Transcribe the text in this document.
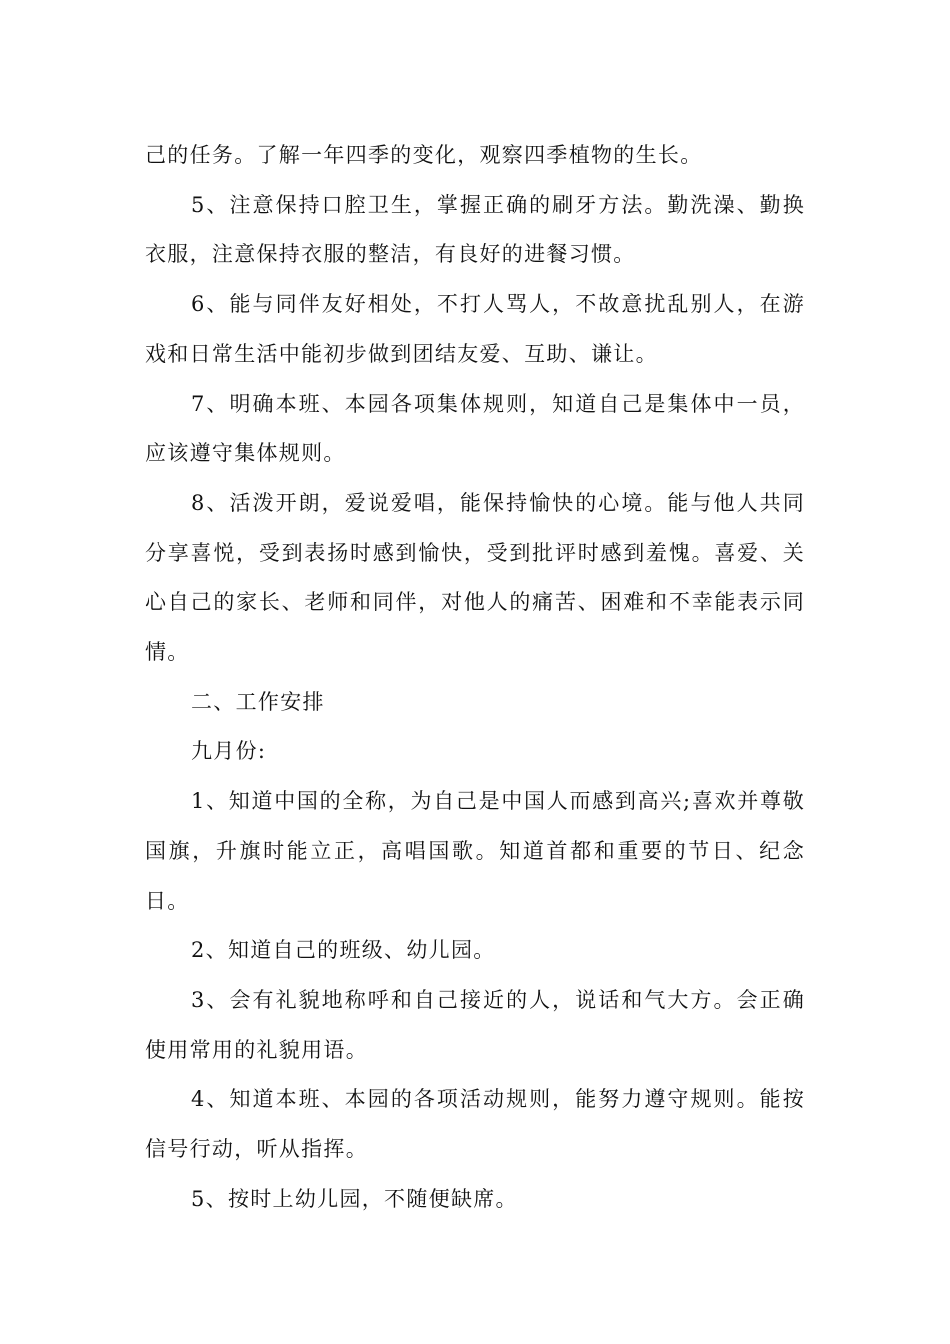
己的任务。了解一年四季的变化，观察四季植物的生长。

5、注意保持口腔卫生，掌握正确的刷牙方法。勤洗澡、勤换衣服，注意保持衣服的整洁，有良好的进餐习惯。

6、能与同伴友好相处，不打人骂人，不故意扰乱别人，在游戏和日常生活中能初步做到团结友爱、互助、谦让。

7、明确本班、本园各项集体规则，知道自己是集体中一员，应该遵守集体规则。

8、活泼开朗，爱说爱唱，能保持愉快的心境。能与他人共同分享喜悦，受到表扬时感到愉快，受到批评时感到羞愧。喜爱、关心自己的家长、老师和同伴，对他人的痛苦、困难和不幸能表示同情。

二、工作安排

九月份:

1、知道中国的全称，为自己是中国人而感到高兴;喜欢并尊敬国旗，升旗时能立正，高唱国歌。知道首都和重要的节日、纪念日。

2、知道自己的班级、幼儿园。

3、会有礼貌地称呼和自己接近的人，说话和气大方。会正确使用常用的礼貌用语。

4、知道本班、本园的各项活动规则，能努力遵守规则。能按信号行动，听从指挥。

5、按时上幼儿园，不随便缺席。
